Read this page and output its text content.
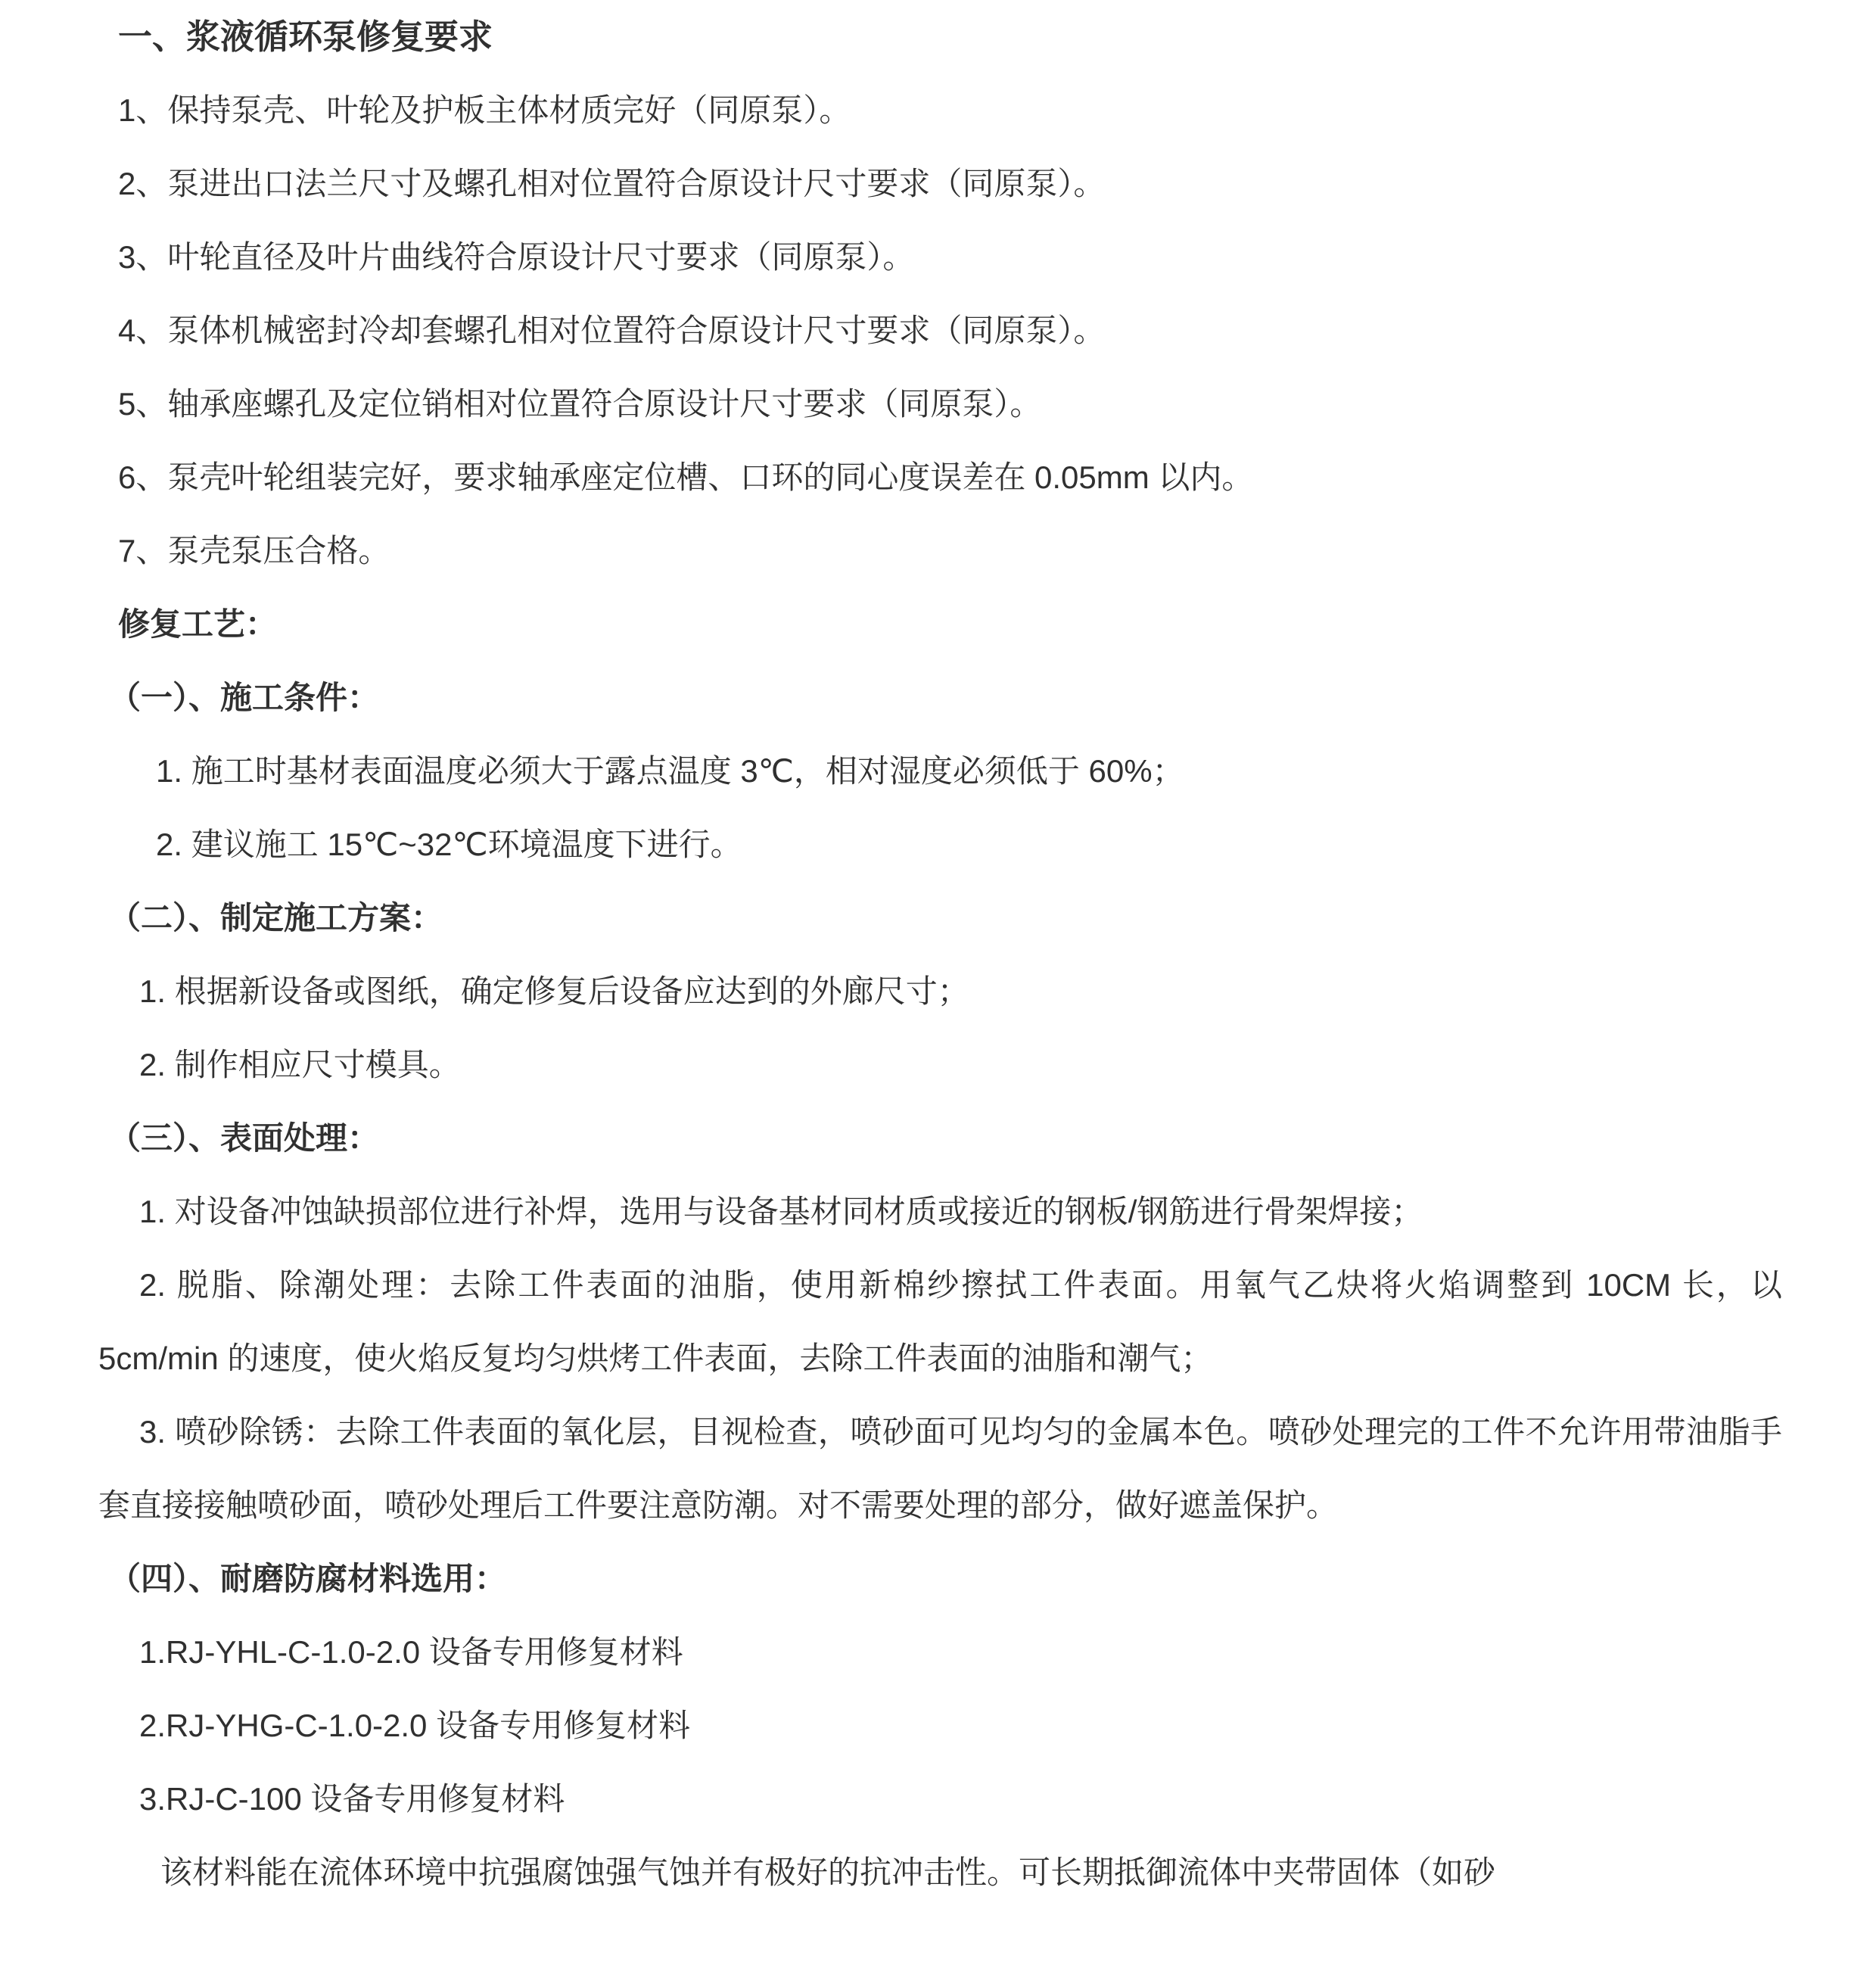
一、浆液循环泵修复要求

1、保持泵壳、叶轮及护板主体材质完好（同原泵）。

2、泵进出口法兰尺寸及螺孔相对位置符合原设计尺寸要求（同原泵）。

3、叶轮直径及叶片曲线符合原设计尺寸要求（同原泵）。

4、泵体机械密封冷却套螺孔相对位置符合原设计尺寸要求（同原泵）。

5、轴承座螺孔及定位销相对位置符合原设计尺寸要求（同原泵）。

6、泵壳叶轮组装完好，要求轴承座定位槽、口环的同心度误差在 0.05mm 以内。

7、泵壳泵压合格。

修复工艺：

（一）、施工条件：

1. 施工时基材表面温度必须大于露点温度 3℃，相对湿度必须低于 60%；

2. 建议施工 15℃~32℃环境温度下进行。

（二）、制定施工方案：

1. 根据新设备或图纸，确定修复后设备应达到的外廊尺寸；

2. 制作相应尺寸模具。

（三）、表面处理：

1. 对设备冲蚀缺损部位进行补焊，选用与设备基材同材质或接近的钢板/钢筋进行骨架焊接；

2. 脱脂、除潮处理：去除工件表面的油脂，使用新棉纱擦拭工件表面。用氧气乙炔将火焰调整到 10CM 长，以 5cm/min 的速度，使火焰反复均匀烘烤工件表面，去除工件表面的油脂和潮气；

3. 喷砂除锈：去除工件表面的氧化层，目视检查，喷砂面可见均匀的金属本色。喷砂处理完的工件不允许用带油脂手套直接接触喷砂面，喷砂处理后工件要注意防潮。对不需要处理的部分，做好遮盖保护。

（四）、耐磨防腐材料选用：

1.RJ-YHL-C-1.0-2.0 设备专用修复材料

2.RJ-YHG-C-1.0-2.0 设备专用修复材料

3.RJ-C-100 设备专用修复材料

该材料能在流体环境中抗强腐蚀强气蚀并有极好的抗冲击性。可长期抵御流体中夹带固体（如砂
